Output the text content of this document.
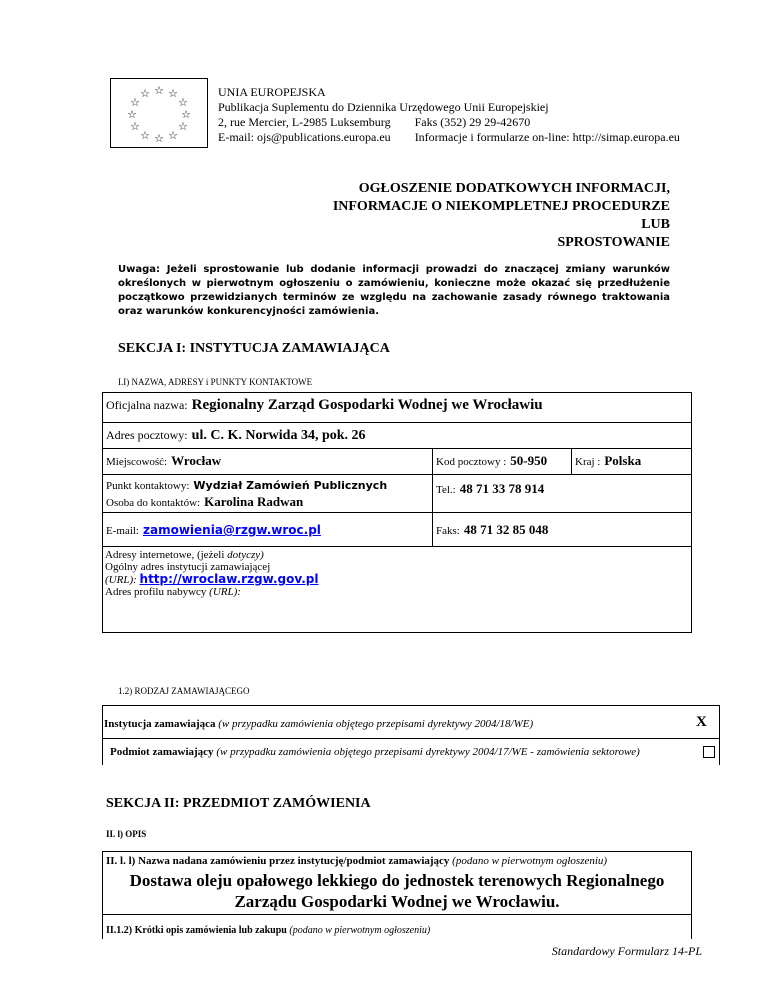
☆ ☆
☆
☆
☆
☆
☆
☆
☆
☆
☆
☆	UNIA EUROPEJSKA
Publikacja Suplementu do Dziennika Urzędowego Unii Europejskiej
2, rue Mercier, L-2985 Luksemburg Faks (352) 29 29-42670
E-mail: ojs@publications.europa.eu Informacje i formularze on-line: http://simap.europa.eu
OGŁOSZENIE DODATKOWYCH INFORMACJI,
INFORMACJE O NIEKOMPLETNEJ PROCEDURZE
LUB
SPROSTOWANIE
Uwaga: Jeżeli sprostowanie lub dodanie informacji prowadzi do znaczącej zmiany warunków określonych w pierwotnym ogłoszeniu o zamówieniu, konieczne może okazać się przedłużenie początkowo przewidzianych terminów ze względu na zachowanie zasady równego traktowania oraz warunków konkurencyjności zamówienia.
SEKCJA I: INSTYTUCJA ZAMAWIAJĄCA
I.I) NAZWA, ADRESY i PUNKTY KONTAKTOWE
Oficjalna nazwa: Regionalny Zarząd Gospodarki Wodnej we Wrocławiu
Adres pocztowy: ul. C. K. Norwida 34, pok. 26
Miejscowość: Wrocław	Kod pocztowy : 50-950	Kraj : Polska
Punkt kontaktowy: Wydział Zamówień Publicznych
Osoba do kontaktów: Karolina Radwan
Tel.: 48 71 33 78 914
E-mail: zamowienia@rzgw.wroc.pl	Faks: 48 71 32 85 048
Adresy internetowe, (jeżeli dotyczy)
Ogólny adres instytucji zamawiającej
(URL): http://wroclaw.rzgw.gov.pl
Adres profilu nabywcy (URL):
1.2) RODZAJ ZAMAWIAJĄCEGO
Instytucja zamawiająca (w przypadku zamówienia objętego przepisami dyrektywy 2004/18/WE)	X
Podmiot zamawiający (w przypadku zamówienia objętego przepisami dyrektywy 2004/17/WE - zamówienia sektorowe)
SEKCJA II: PRZEDMIOT ZAMÓWIENIA
II. l) OPIS
II. l. l) Nazwa nadana zamówieniu przez instytucję/podmiot zamawiający (podano w pierwotnym ogłoszeniu)
Dostawa oleju opałowego lekkiego do jednostek terenowych Regionalnego
Zarządu Gospodarki Wodnej we Wrocławiu.
II.1.2) Krótki opis zamówienia lub zakupu (podano w pierwotnym ogłoszeniu)
Standardowy Formularz 14-PL
